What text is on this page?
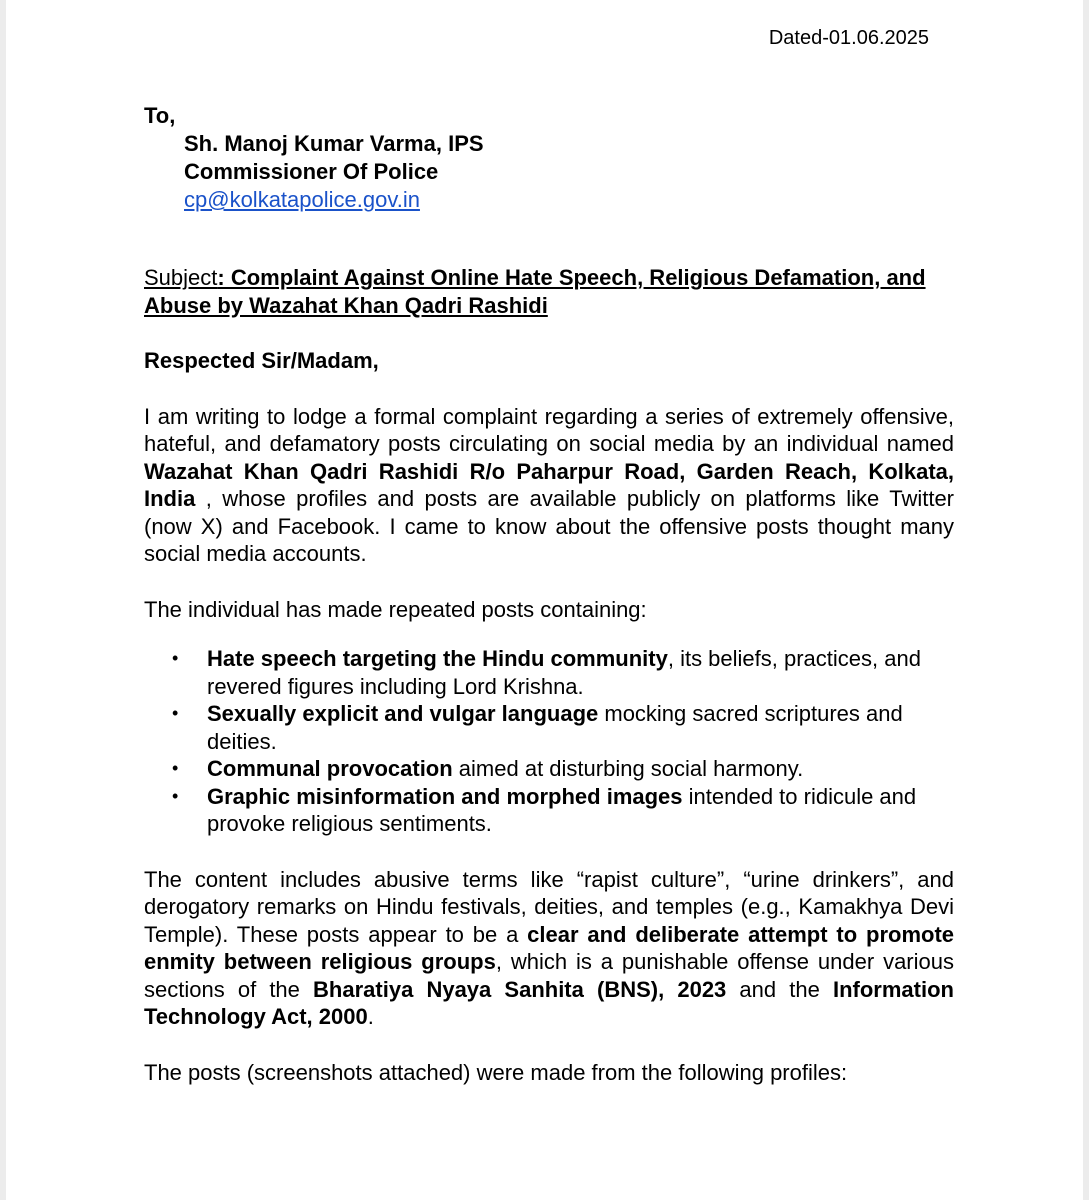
Dated-01.06.2025
To,
Sh. Manoj Kumar Varma, IPS
Commissioner Of Police
cp@kolkatapolice.gov.in

Subject: Complaint Against Online Hate Speech, Religious Defamation, and Abuse by Wazahat Khan Qadri Rashidi

Respected Sir/Madam,

I am writing to lodge a formal complaint regarding a series of extremely offensive, hateful, and defamatory posts circulating on social media by an individual named Wazahat Khan Qadri Rashidi R/o Paharpur Road, Garden Reach, Kolkata, India , whose profiles and posts are available publicly on platforms like Twitter (now X) and Facebook. I came to know about the offensive posts thought many social media accounts.

The individual has made repeated posts containing:

• Hate speech targeting the Hindu community, its beliefs, practices, and revered figures including Lord Krishna.
• Sexually explicit and vulgar language mocking sacred scriptures and deities.
• Communal provocation aimed at disturbing social harmony.
• Graphic misinformation and morphed images intended to ridicule and provoke religious sentiments.

The content includes abusive terms like “rapist culture”, “urine drinkers”, and derogatory remarks on Hindu festivals, deities, and temples (e.g., Kamakhya Devi Temple). These posts appear to be a clear and deliberate attempt to promote enmity between religious groups, which is a punishable offense under various sections of the Bharatiya Nyaya Sanhita (BNS), 2023 and the Information Technology Act, 2000.

The posts (screenshots attached) were made from the following profiles:
